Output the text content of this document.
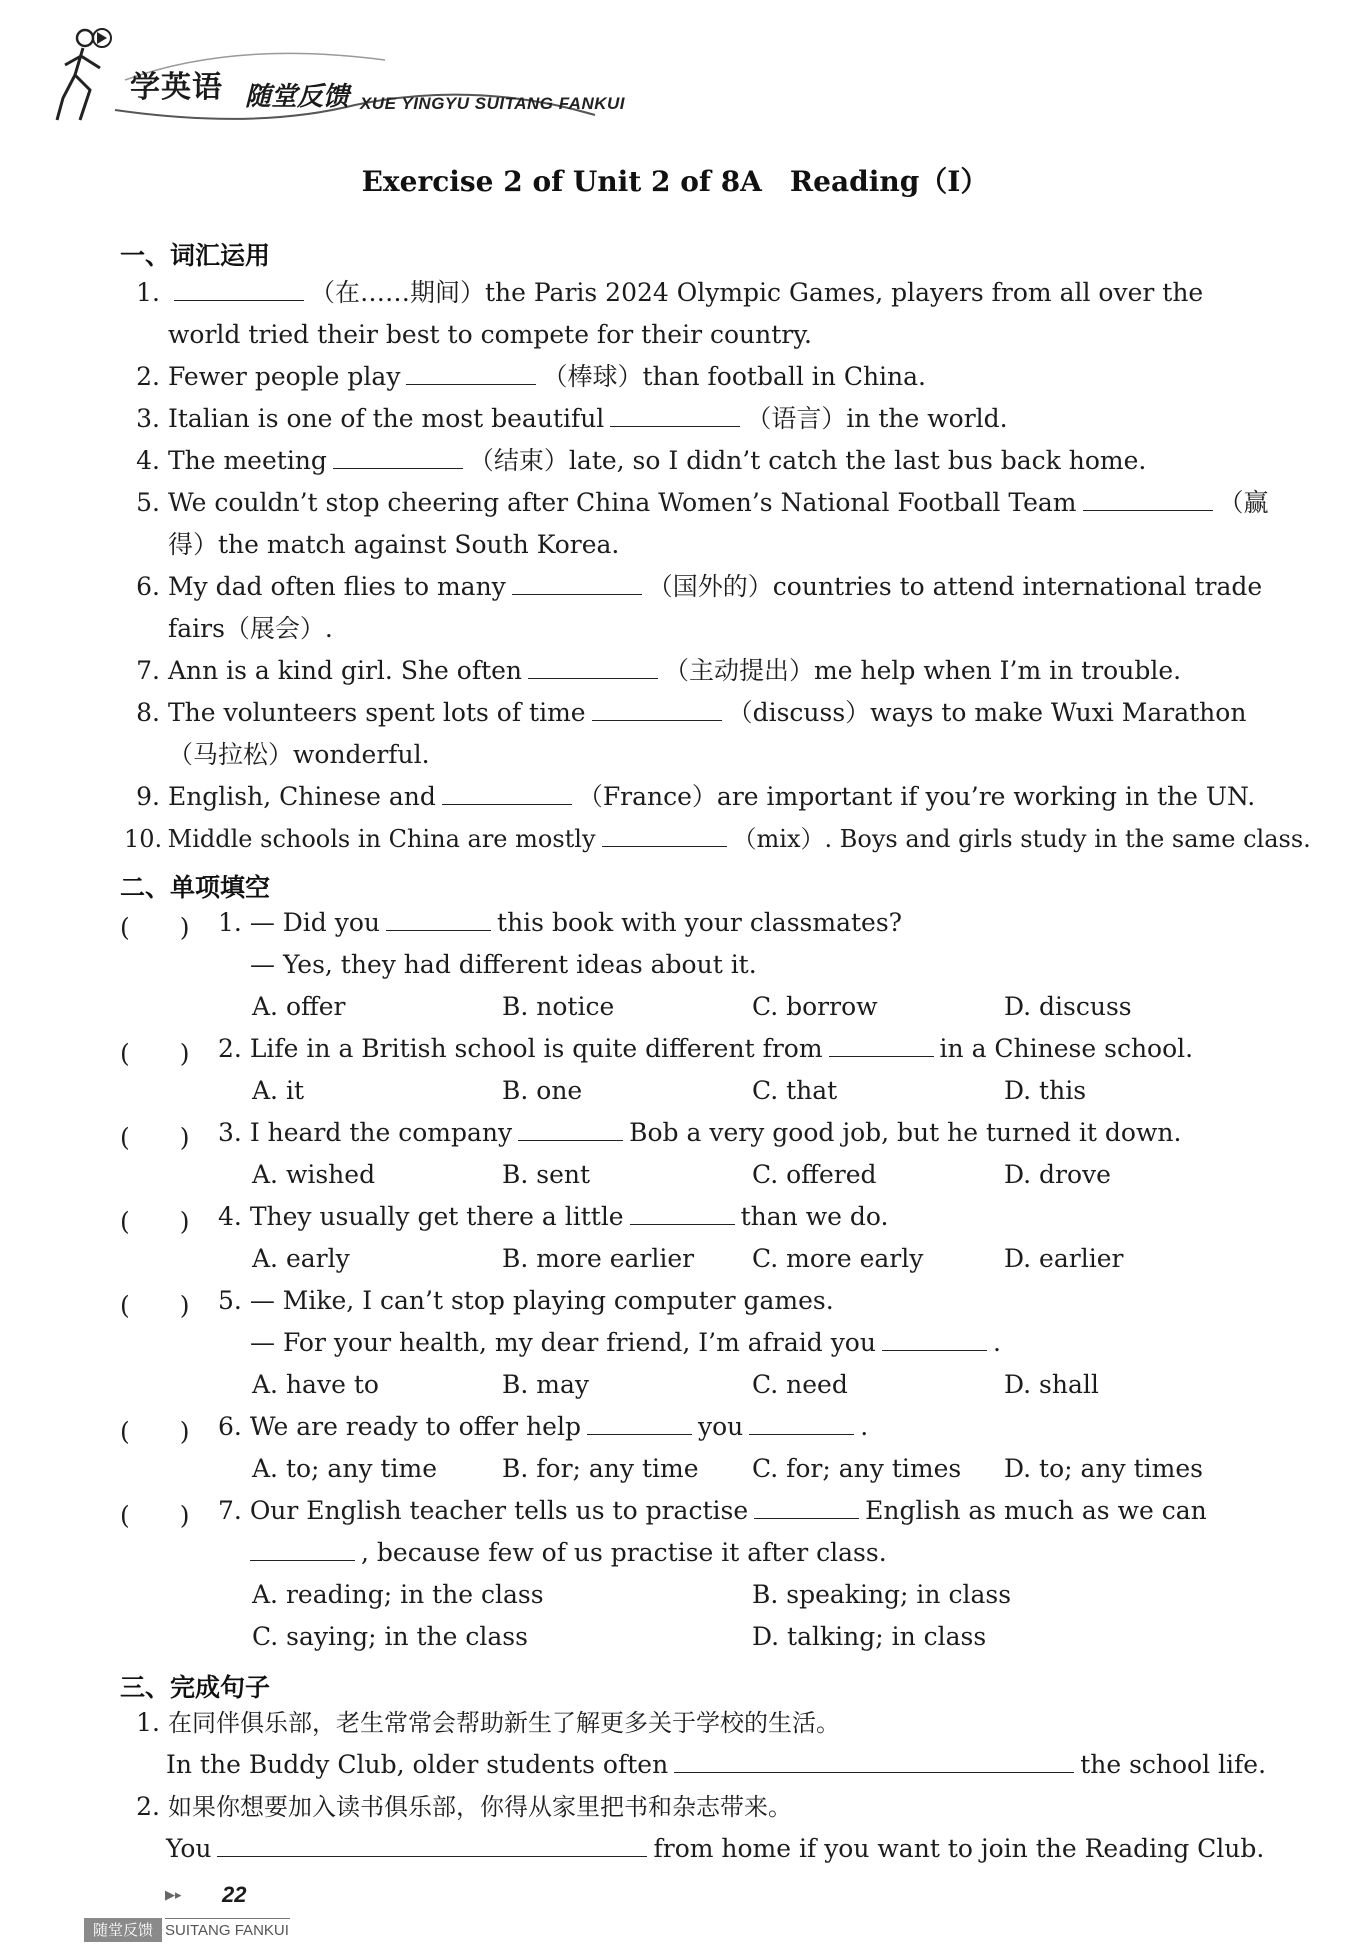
学英语 随堂反馈 XUE YINGYU SUITANG FANKUI
Exercise 2 of Unit 2 of 8A　Reading（Ⅰ）
一、词汇运用
1.	（在……期间）the Paris 2024 Olympic Games, players from all over the
world tried their best to compete for their country.
2. Fewer people play	（棒球）than football in China.
3. Italian is one of the most beautiful	（语言）in the world.
4. The meeting	（结束）late, so I didn’t catch the last bus back home.
5. We couldn’t stop cheering after China Women’s National Football Team	（赢
得）the match against South Korea.
6. My dad often flies to many	（国外的）countries to attend international trade
fairs（展会）.
7. Ann is a kind girl. She often	（主动提出）me help when I’m in trouble.
8. The volunteers spent lots of time	（discuss）ways to make Wuxi Marathon
（马拉松）wonderful.
9. English, Chinese and	（France）are important if you’re working in the UN.
10. Middle schools in China are mostly	（mix）. Boys and girls study in the same class.
二、单项填空
(　　) 1. — Did you	this book with your classmates?
— Yes, they had different ideas about it.
A. offer	B. notice	C. borrow	D. discuss
(　　) 2. Life in a British school is quite different from	in a Chinese school.
A. it	B. one	C. that	D. this
(　　) 3. I heard the company	Bob a very good job, but he turned it down.
A. wished	B. sent	C. offered	D. drove
(　　) 4. They usually get there a little	than we do.
A. early	B. more earlier C. more early	D. earlier
(　　) 5. — Mike, I can’t stop playing computer games.
— For your health, my dear friend, I’m afraid you	.
A. have to	B. may	C. need	D. shall
(　　) 6. We are ready to offer help	you	.
A. to; any time	B. for; any time C. for; any times D. to; any times
(　　) 7. Our English teacher tells us to practise	English as much as we can
, because few of us practise it after class.
A. reading; in the class	B. speaking; in class
C. saying; in the class	D. talking; in class
三、完成句子
1. 在同伴俱乐部，老生常常会帮助新生了解更多关于学校的生活。
In the Buddy Club, older students often	the school life.
2. 如果你想要加入读书俱乐部，你得从家里把书和杂志带来。
You	from home if you want to join the Reading Club.
▶▸ 22
随堂反馈 SUITANG FANKUI
